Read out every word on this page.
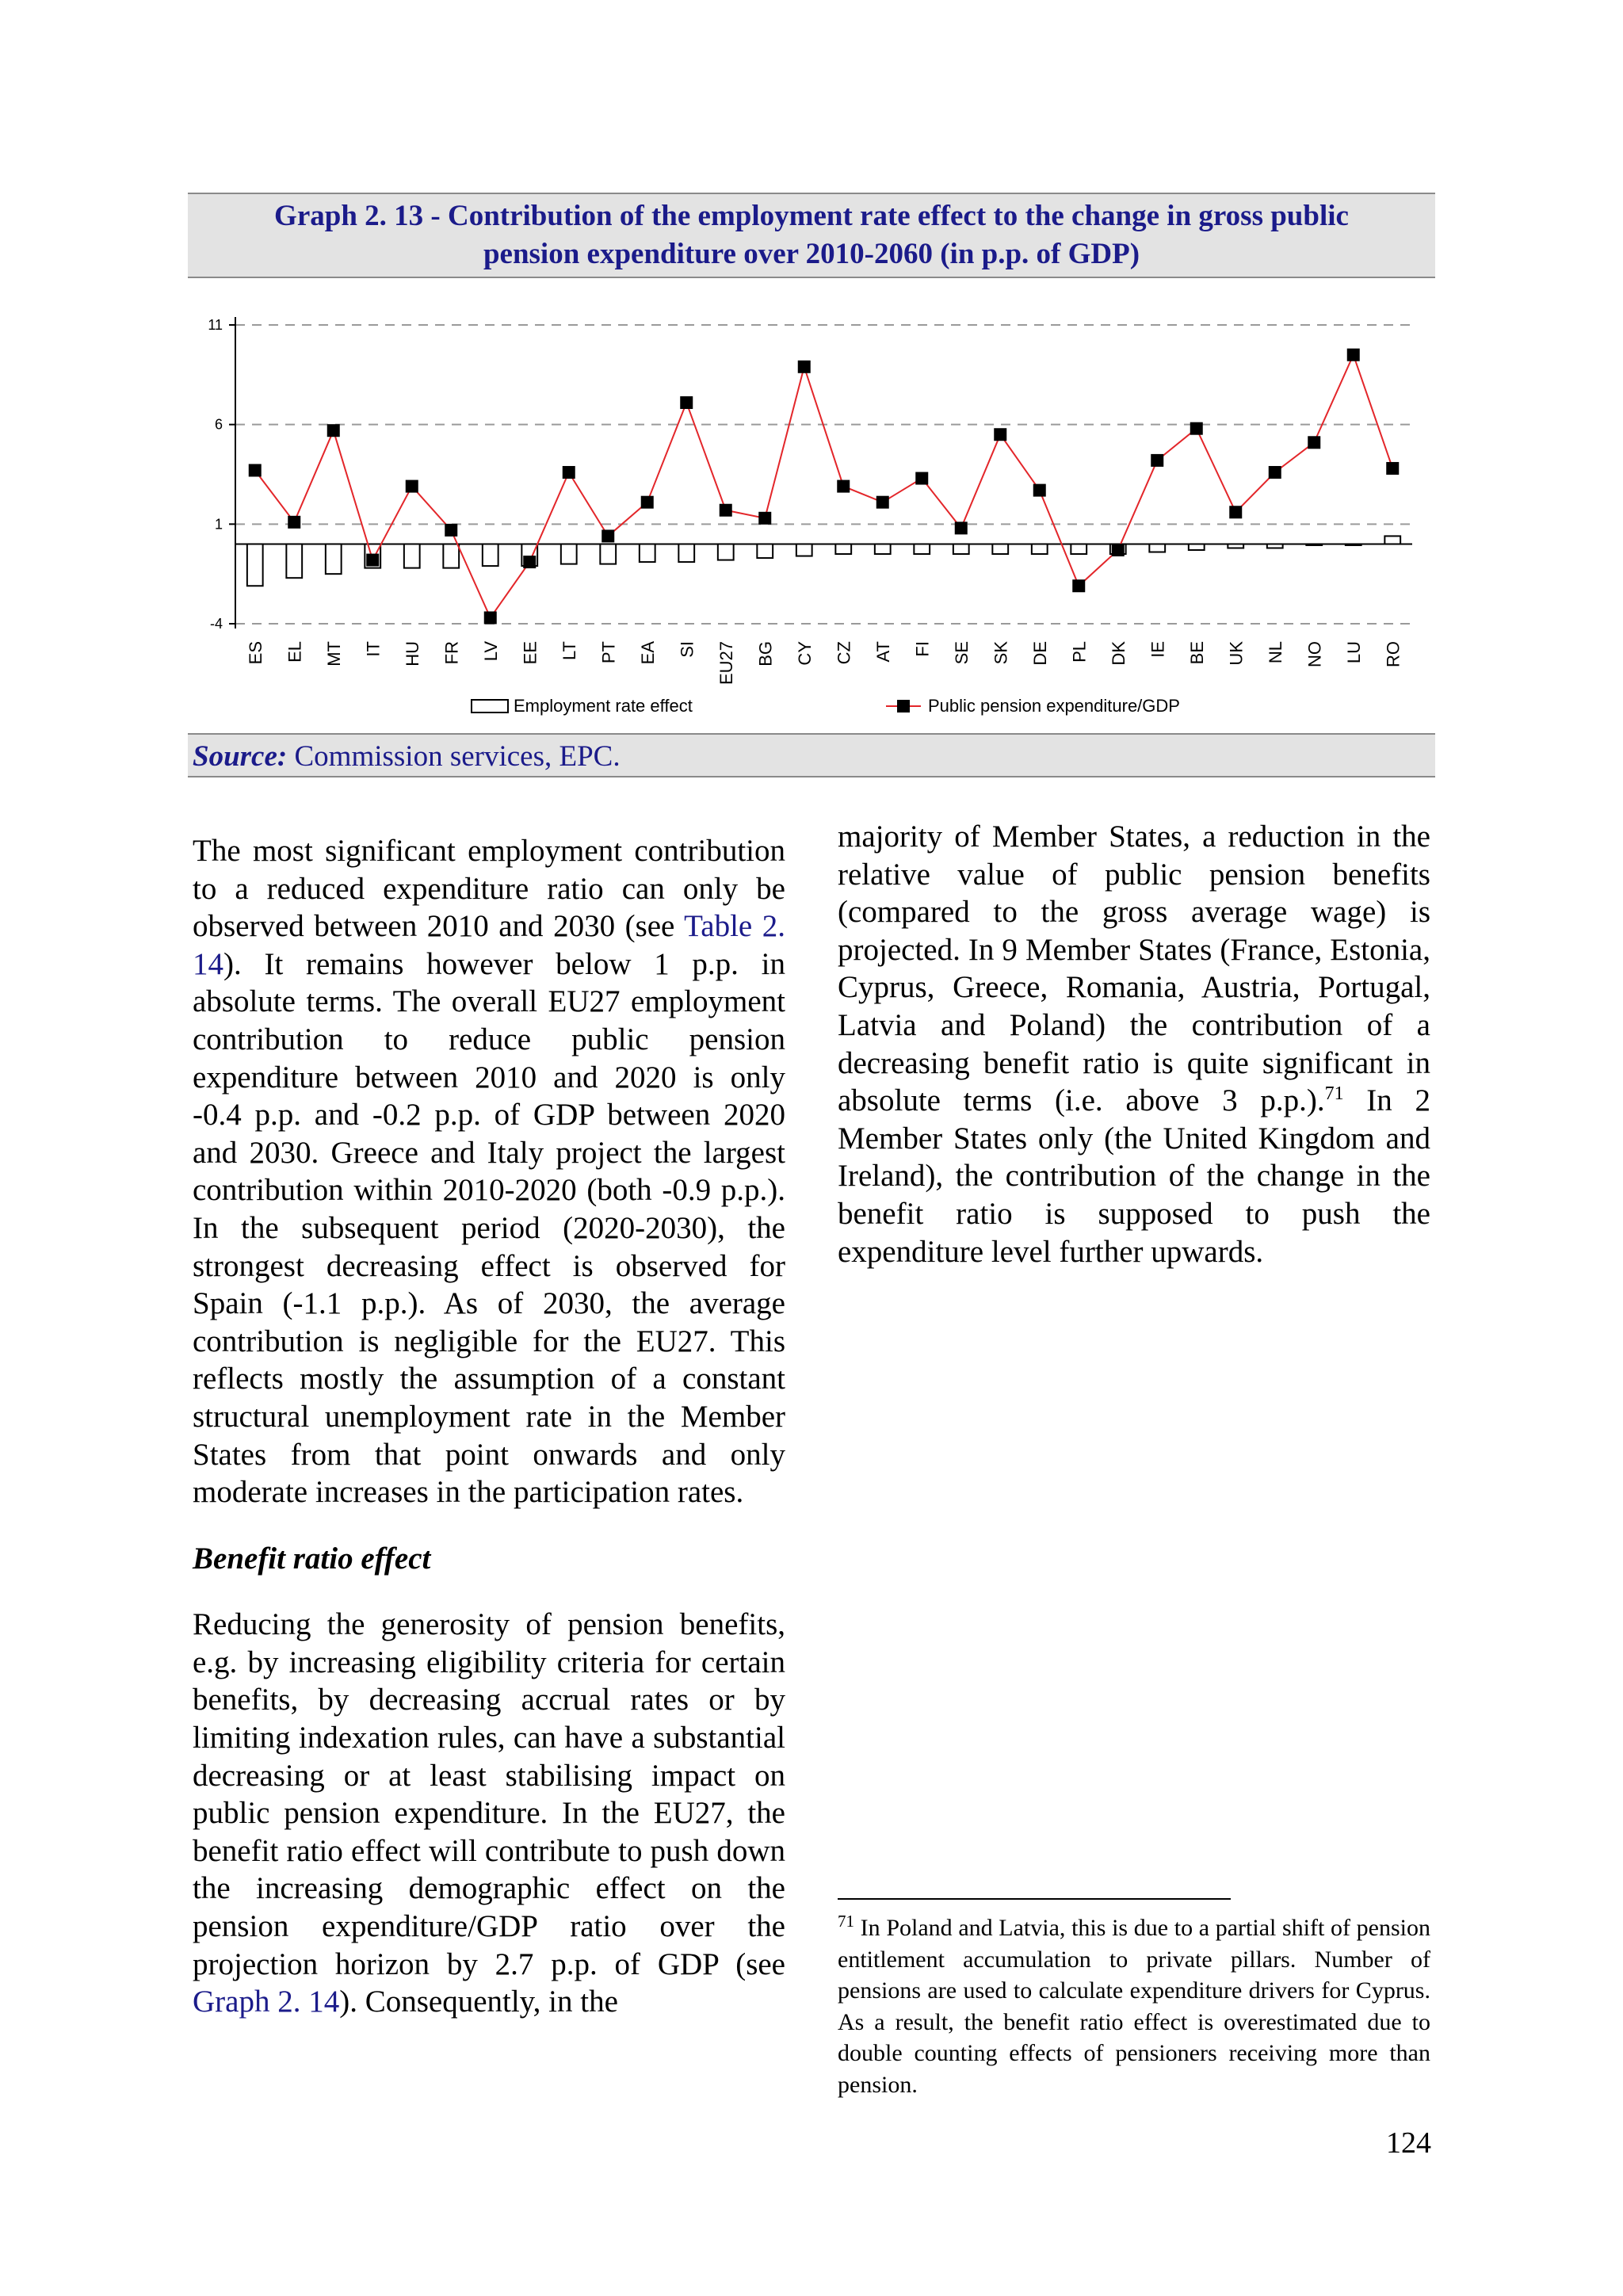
Graph 2. 13 - Contribution of the employment rate effect to the change in gross public
pension expenditure over 2010-2060 (in p.p. of GDP)
11
6
1
-4
ES EL MT IT HU FR LV EE LT PT EA SI EU27 BG CY CZ AT FI SE SK DE PL DK IE BE UK NL NO LU RO
Employment rate effect	Public pension expenditure/GDP
Source: Commission services, EPC.

The most significant employment contribution to a reduced expenditure ratio can only be observed between 2010 and 2030 (see Table 2. 14). It remains however below 1 p.p. in absolute terms. The overall EU27 employment contribution to reduce public pension expenditure between 2010 and 2020 is only -0.4 p.p. and -0.2 p.p. of GDP between 2020 and 2030. Greece and Italy project the largest contribution within 2010-2020 (both -0.9 p.p.). In the subsequent period (2020-2030), the strongest decreasing effect is observed for Spain (-1.1 p.p.). As of 2030, the average contribution is negligible for the EU27. This reflects mostly the assumption of a constant structural unemployment rate in the Member States from that point onwards and only moderate increases in the participation rates.

Benefit ratio effect

Reducing the generosity of pension benefits, e.g. by increasing eligibility criteria for certain benefits, by decreasing accrual rates or by limiting indexation rules, can have a substantial decreasing or at least stabilising impact on public pension expenditure. In the EU27, the benefit ratio effect will contribute to push down the increasing demographic effect on the pension expenditure/GDP ratio over the projection horizon by 2.7 p.p. of GDP (see Graph 2. 14). Consequently, in the

majority of Member States, a reduction in the relative value of public pension benefits (compared to the gross average wage) is projected. In 9 Member States (France, Estonia, Cyprus, Greece, Romania, Austria, Portugal, Latvia and Poland) the contribution of a decreasing benefit ratio is quite significant in absolute terms (i.e. above 3 p.p.).$^{71}$ In 2 Member States only (the United Kingdom and Ireland), the contribution of the change in the benefit ratio is supposed to push the expenditure level further upwards.

$^{71}$ In Poland and Latvia, this is due to a partial shift of pension entitlement accumulation to private pillars. Number of pensions are used to calculate expenditure drivers for Cyprus. As a result, the benefit ratio effect is overestimated due to double counting effects of pensioners receiving more than pension.
124
